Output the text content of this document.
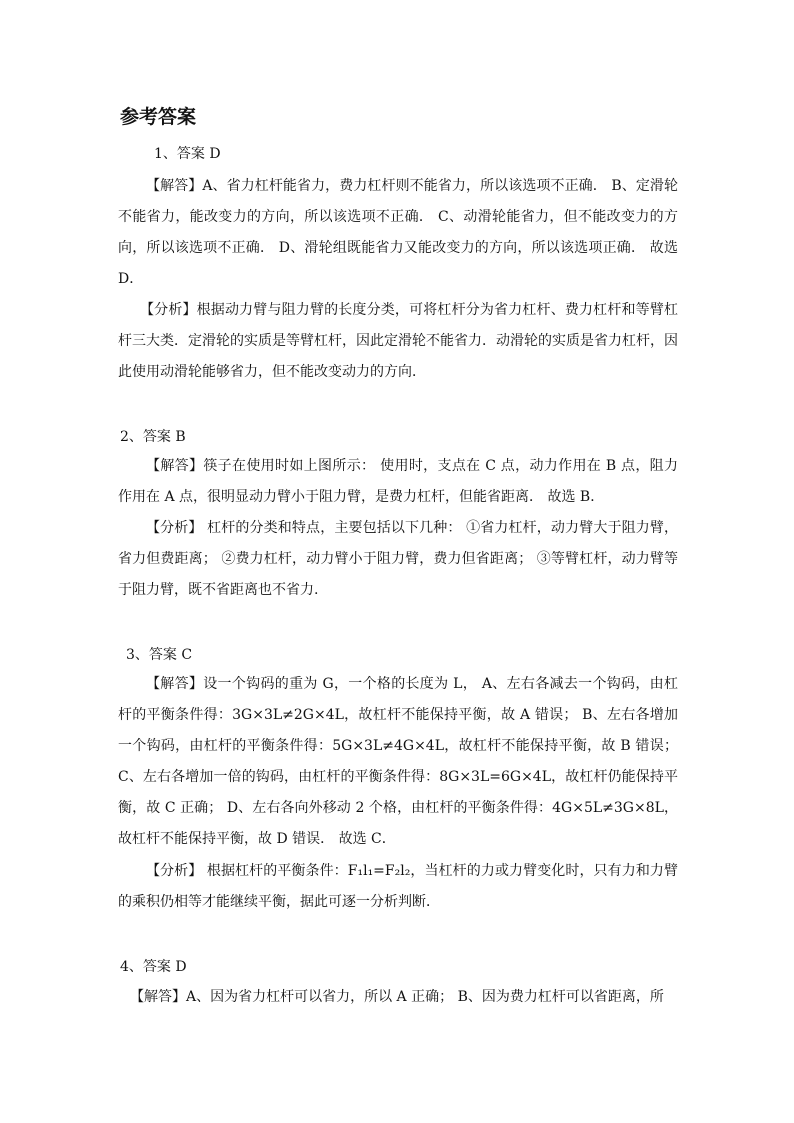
参考答案
1、答案 D

【解答】A、省力杠杆能省力，费力杠杆则不能省力，所以该选项不正确． B、定滑轮不能省力，能改变力的方向，所以该选项不正确． C、动滑轮能省力，但不能改变力的方向，所以该选项不正确． D、滑轮组既能省力又能改变力的方向，所以该选项正确． 故选 D．

【分析】根据动力臂与阻力臂的长度分类，可将杠杆分为省力杠杆、费力杠杆和等臂杠杆三大类．定滑轮的实质是等臂杠杆，因此定滑轮不能省力．动滑轮的实质是省力杠杆，因此使用动滑轮能够省力，但不能改变动力的方向．

2、答案 B

【解答】筷子在使用时如上图所示： 使用时，支点在 C 点，动力作用在 B 点，阻力作用在 A 点，很明显动力臂小于阻力臂，是费力杠杆，但能省距离． 故选 B．

【分析】 杠杆的分类和特点，主要包括以下几种： ①省力杠杆，动力臂大于阻力臂，省力但费距离； ②费力杠杆，动力臂小于阻力臂，费力但省距离； ③等臂杠杆，动力臂等于阻力臂，既不省距离也不省力.

3、答案 C

【解答】设一个钩码的重为 G，一个格的长度为 L， A、左右各减去一个钩码，由杠杆的平衡条件得：3G×3L≠2G×4L，故杠杆不能保持平衡，故 A 错误； B、左右各增加一个钩码，由杠杆的平衡条件得：5G×3L≠4G×4L，故杠杆不能保持平衡，故 B 错误； C、左右各增加一倍的钩码，由杠杆的平衡条件得：8G×3L=6G×4L，故杠杆仍能保持平衡，故 C 正确； D、左右各向外移动 2 个格，由杠杆的平衡条件得：4G×5L≠3G×8L，故杠杆不能保持平衡，故 D 错误． 故选 C．

【分析】 根据杠杆的平衡条件：F₁l₁=F₂l₂，当杠杆的力或力臂变化时，只有力和力臂的乘积仍相等才能继续平衡，据此可逐一分析判断．

4、答案 D

【解答】A、因为省力杠杆可以省力，所以 A 正确； B、因为费力杠杆可以省距离，所
